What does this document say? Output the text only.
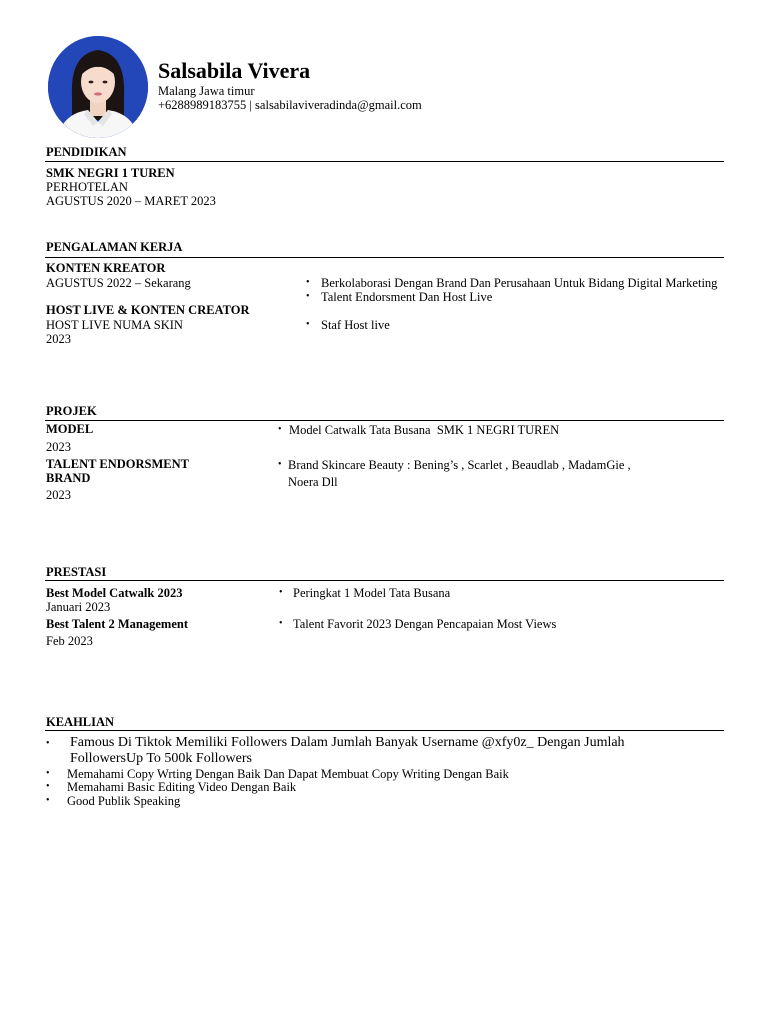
Salsabila Vivera
Malang Jawa timur
+6288989183755 | salsabilaviveradinda@gmail.com
PENDIDIKAN
SMK NEGRI 1 TUREN
PERHOTELAN
AGUSTUS 2020 – MARET 2023
PENGALAMAN KERJA
KONTEN KREATOR
AGUSTUS 2022 – Sekarang	• Berkolaborasi Dengan Brand Dan Perusahaan Untuk Bidang Digital Marketing
• Talent Endorsment Dan Host Live
HOST LIVE & KONTEN CREATOR
HOST LIVE NUMA SKIN
2023
• Staf Host live
PROJEK
MODEL
2023
• Model Catwalk Tata Busana  SMK 1 NEGRI TUREN
TALENT ENDORSMENT
BRAND
2023
• Brand Skincare Beauty : Bening’s , Scarlet , Beaudlab , MadamGie ,
Noera Dll
PRESTASI
Best Model Catwalk 2023
Januari 2023
• Peringkat 1 Model Tata Busana
Best Talent 2 Management
Feb 2023
• Talent Favorit 2023 Dengan Pencapaian Most Views
KEAHLIAN
• Famous Di Tiktok Memiliki Followers Dalam Jumlah Banyak Username @xfy0z_ Dengan Jumlah
FollowersUp To 500k Followers
• Memahami Copy Wrting Dengan Baik Dan Dapat Membuat Copy Writing Dengan Baik
• Memahami Basic Editing Video Dengan Baik
• Good Publik Speaking
